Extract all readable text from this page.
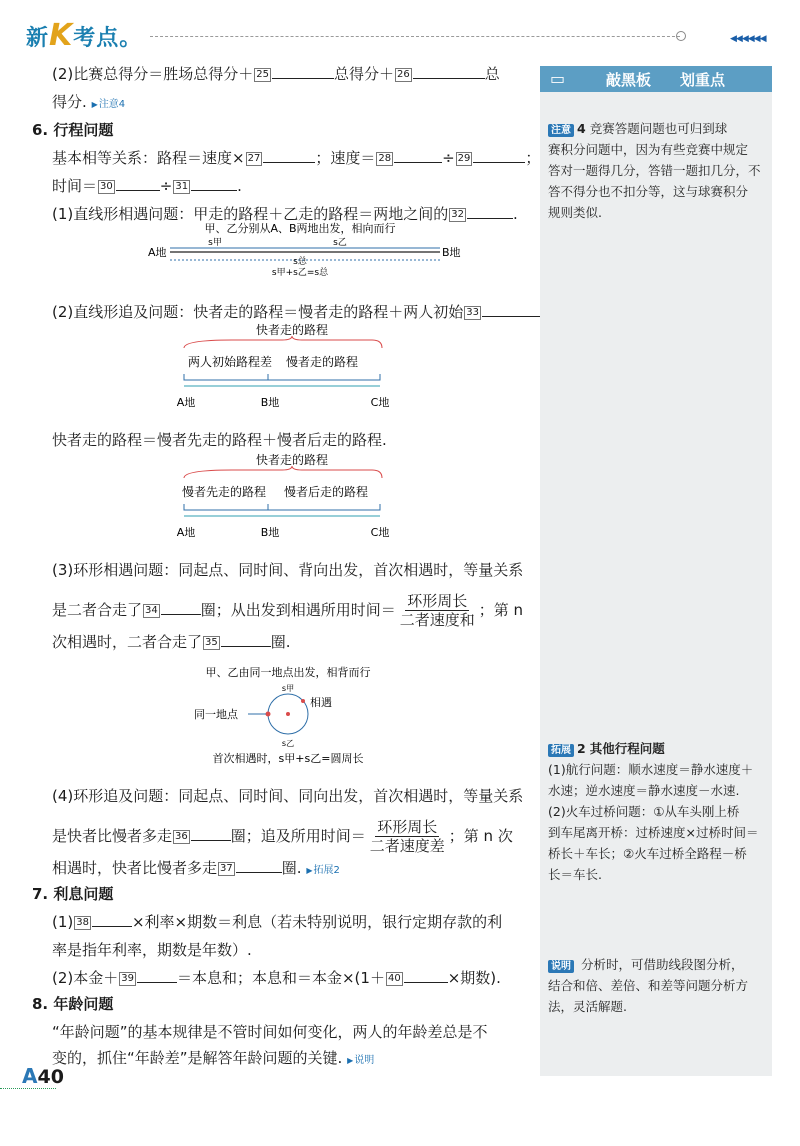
新K考点。	◀◀◀◀◀◀
(2)比赛总得分＝胜场总得分＋ 25	总得分＋ 26	总
得分. ▶ 注意4
6. 行程问题
基本相等关系：路程＝速度× 27	；速度＝ 28	÷ 29	；
时间＝ 30	÷ 31	.
(1)直线形相遇问题：甲走的路程＋乙走的路程＝两地之间的 32	.
甲、乙分别从A、B两地出发，相向而行
s甲	s乙
A地	B地
s总
s甲+s乙=s总
(2)直线形追及问题：快者走的路程＝慢者走的路程＋两人初始 33
快者走的路程
两人初始路程差 慢者走的路程
A地	B地	C地
快者走的路程＝慢者先走的路程＋慢者后走的路程.
快者走的路程
慢者先走的路程 慢者后走的路程
A地	B地	C地
(3)环形相遇问题：同起点、同时间、背向出发，首次相遇时，等量关系
是二者合走了 34	圈；从出发到相遇所用时间＝ $\frac{\text{环形周长}}{\text{二者速度和}}$ ；第 n
次相遇时，二者合走了 35	圈.
甲、乙由同一地点出发，相背而行
s甲
相遇
同一地点
s乙
首次相遇时，s甲+s乙=圆周长
(4)环形追及问题：同起点、同时间、同向出发，首次相遇时，等量关系
是快者比慢者多走 36	圈；追及所用时间＝ $\frac{\text{环形周长}}{\text{二者速度差}}$ ；第 n 次
相遇时，快者比慢者多走 37	圈. ▶ 拓展2
7. 利息问题
(1) 38	×利率×期数＝利息（若未特别说明，银行定期存款的利
率是指年利率，期数是年数）.
(2)本金＋ 39	＝本息和；本息和＝本金×(1＋ 40	×期数).
8. 年龄问题
“年龄问题”的基本规律是不管时间如何变化，两人的年龄差总是不
变的，抓住“年龄差”是解答年龄问题的关键. ▶ 说明
▭	敲黑板 划重点
注意 4 竞赛答题问题也可归到球
赛积分问题中，因为有些竞赛中规定
答对一题得几分，答错一题扣几分，不
答不得分也不扣分等，这与球赛积分
规则类似.
拓展 2 其他行程问题
(1)航行问题：顺水速度＝静水速度＋
水速；逆水速度＝静水速度－水速.
(2)火车过桥问题：①从车头刚上桥
到车尾离开桥：过桥速度×过桥时间＝
桥长＋车长；②火车过桥全路程－桥
长＝车长.
说明 分析时，可借助线段图分析，
结合和倍、差倍、和差等问题分析方
法，灵活解题.
A40
